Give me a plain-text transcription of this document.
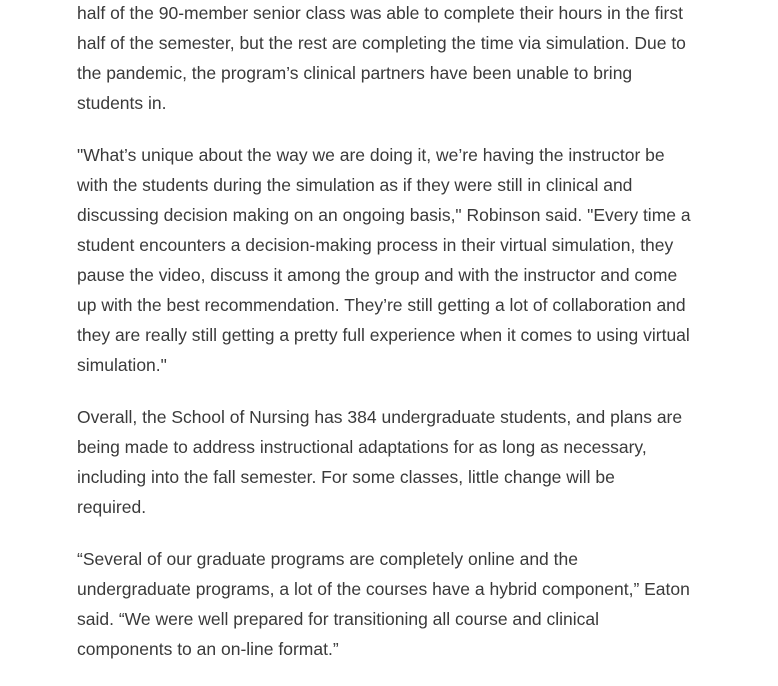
half of the 90-member senior class was able to complete their hours in the first
half of the semester, but the rest are completing the time via simulation. Due to
the pandemic, the program’s clinical partners have been unable to bring
students in.

"What’s unique about the way we are doing it, we’re having the instructor be
with the students during the simulation as if they were still in clinical and
discussing decision making on an ongoing basis," Robinson said. "Every time a
student encounters a decision-making process in their virtual simulation, they
pause the video, discuss it among the group and with the instructor and come
up with the best recommendation. They’re still getting a lot of collaboration and
they are really still getting a pretty full experience when it comes to using virtual
simulation."

Overall, the School of Nursing has 384 undergraduate students, and plans are
being made to address instructional adaptations for as long as necessary,
including into the fall semester. For some classes, little change will be
required.

“Several of our graduate programs are completely online and the
undergraduate programs, a lot of the courses have a hybrid component,” Eaton
said. “We were well prepared for transitioning all course and clinical
components to an on-line format.”
